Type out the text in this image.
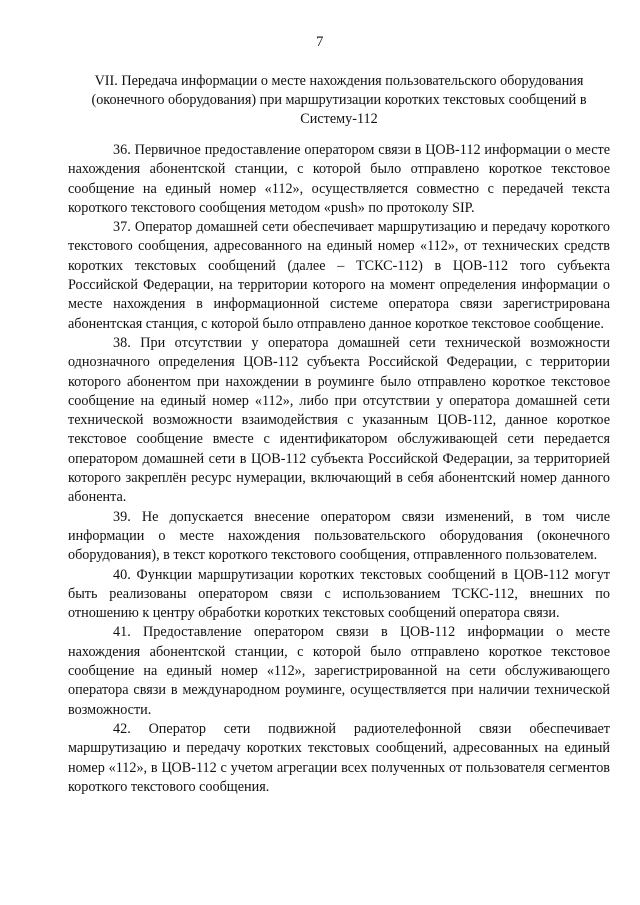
7
VII. Передача информации о месте нахождения пользовательского оборудования (оконечного оборудования) при маршрутизации коротких текстовых сообщений в Систему-112

36. Первичное предоставление оператором связи в ЦОВ-112 информации о месте нахождения абонентской станции, с которой было отправлено короткое текстовое сообщение на единый номер «112», осуществляется совместно с передачей текста короткого текстового сообщения методом «push» по протоколу SIP.

37. Оператор домашней сети обеспечивает маршрутизацию и передачу короткого текстового сообщения, адресованного на единый номер «112», от технических средств коротких текстовых сообщений (далее – ТСКС-112) в ЦОВ-112 того субъекта Российской Федерации, на территории которого на момент определения информации о месте нахождения в информационной системе оператора связи зарегистрирована абонентская станция, с которой было отправлено данное короткое текстовое сообщение.

38. При отсутствии у оператора домашней сети технической возможности однозначного определения ЦОВ-112 субъекта Российской Федерации, с территории которого абонентом при нахождении в роуминге было отправлено короткое текстовое сообщение на единый номер «112», либо при отсутствии у оператора домашней сети технической возможности взаимодействия с указанным ЦОВ-112, данное короткое текстовое сообщение вместе с идентификатором обслуживающей сети передается оператором домашней сети в ЦОВ-112 субъекта Российской Федерации, за территорией которого закреплён ресурс нумерации, включающий в себя абонентский номер данного абонента.

39. Не допускается внесение оператором связи изменений, в том числе информации о месте нахождения пользовательского оборудования (оконечного оборудования), в текст короткого текстового сообщения, отправленного пользователем.

40. Функции маршрутизации коротких текстовых сообщений в ЦОВ-112 могут быть реализованы оператором связи с использованием ТСКС-112, внешних по отношению к центру обработки коротких текстовых сообщений оператора связи.

41. Предоставление оператором связи в ЦОВ-112 информации о месте нахождения абонентской станции, с которой было отправлено короткое текстовое сообщение на единый номер «112», зарегистрированной на сети обслуживающего оператора связи в международном роуминге, осуществляется при наличии технической возможности.

42. Оператор сети подвижной радиотелефонной связи обеспечивает маршрутизацию и передачу коротких текстовых сообщений, адресованных на единый номер «112», в ЦОВ-112 с учетом агрегации всех полученных от пользователя сегментов короткого текстового сообщения.
